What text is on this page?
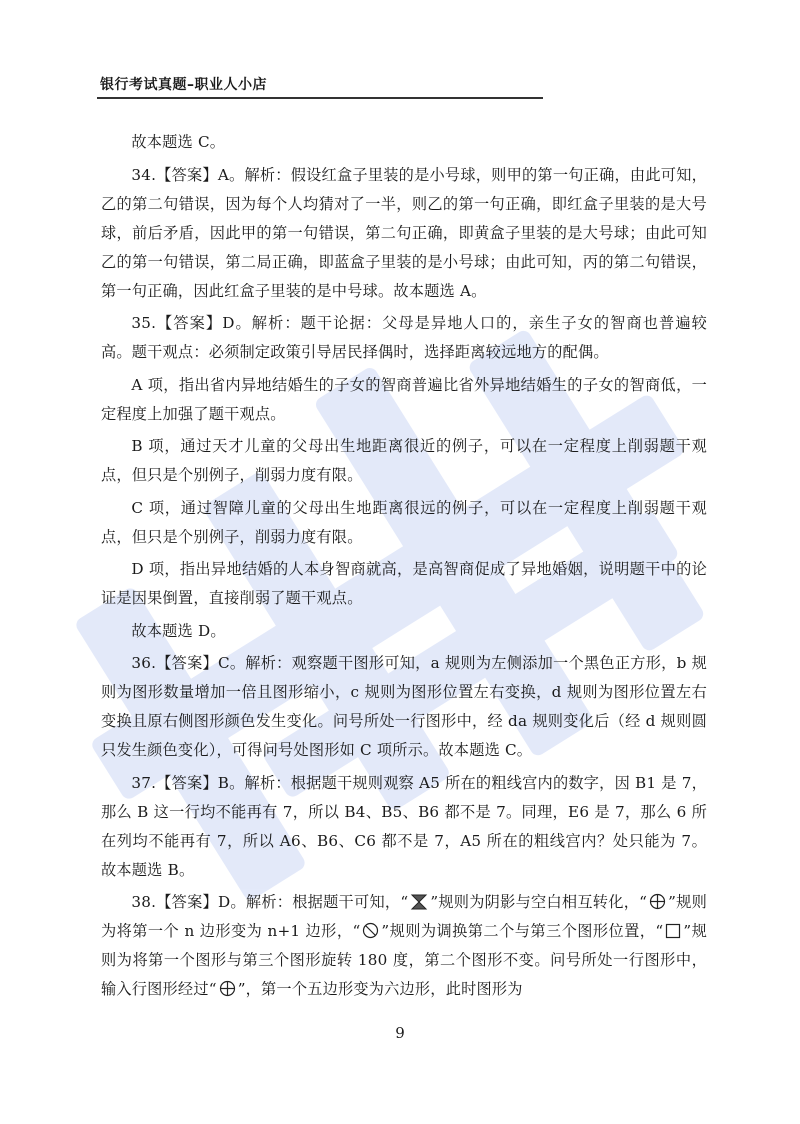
银行考试真题–职业人小店

故本题选 C。

34.【答案】A。解析：假设红盒子里装的是小号球，则甲的第一句正确，由此可知，乙的第二句错误，因为每个人均猜对了一半，则乙的第一句正确，即红盒子里装的是大号球，前后矛盾，因此甲的第一句错误，第二句正确，即黄盒子里装的是大号球；由此可知乙的第一句错误，第二局正确，即蓝盒子里装的是小号球；由此可知，丙的第二句错误，第一句正确，因此红盒子里装的是中号球。故本题选 A。

35.【答案】D。解析：题干论据：父母是异地人口的，亲生子女的智商也普遍较高。题干观点：必须制定政策引导居民择偶时，选择距离较远地方的配偶。

A 项，指出省内异地结婚生的子女的智商普遍比省外异地结婚生的子女的智商低，一定程度上加强了题干观点。

B 项，通过天才儿童的父母出生地距离很近的例子，可以在一定程度上削弱题干观点，但只是个别例子，削弱力度有限。

C 项，通过智障儿童的父母出生地距离很远的例子，可以在一定程度上削弱题干观点，但只是个别例子，削弱力度有限。

D 项，指出异地结婚的人本身智商就高，是高智商促成了异地婚姻，说明题干中的论证是因果倒置，直接削弱了题干观点。

故本题选 D。

36.【答案】C。解析：观察题干图形可知，a 规则为左侧添加一个黑色正方形，b 规则为图形数量增加一倍且图形缩小，c 规则为图形位置左右变换，d 规则为图形位置左右变换且原右侧图形颜色发生变化。问号所处一行图形中，经 da 规则变化后（经 d 规则圆只发生颜色变化），可得问号处图形如 C 项所示。故本题选 C。

37.【答案】B。解析：根据题干规则观察 A5 所在的粗线宫内的数字，因 B1 是 7，那么 B 这一行均不能再有 7，所以 B4、B5、B6 都不是 7。同理，E6 是 7，那么 6 所在列均不能再有 7，所以 A6、B6、C6 都不是 7，A5 所在的粗线宫内？处只能为 7。故本题选 B。

38.【答案】D。解析：根据题干可知，“ ”规则为阴影与空白相互转化，“ ”规则为将第一个 n 边形变为 n+1 边形，“ ”规则为调换第二个与第三个图形位置，“ ”规则为将第一个图形与第三个图形旋转 180 度，第二个图形不变。问号所处一行图形中，输入行图形经过“ ”，第一个五边形变为六边形，此时图形为

9
